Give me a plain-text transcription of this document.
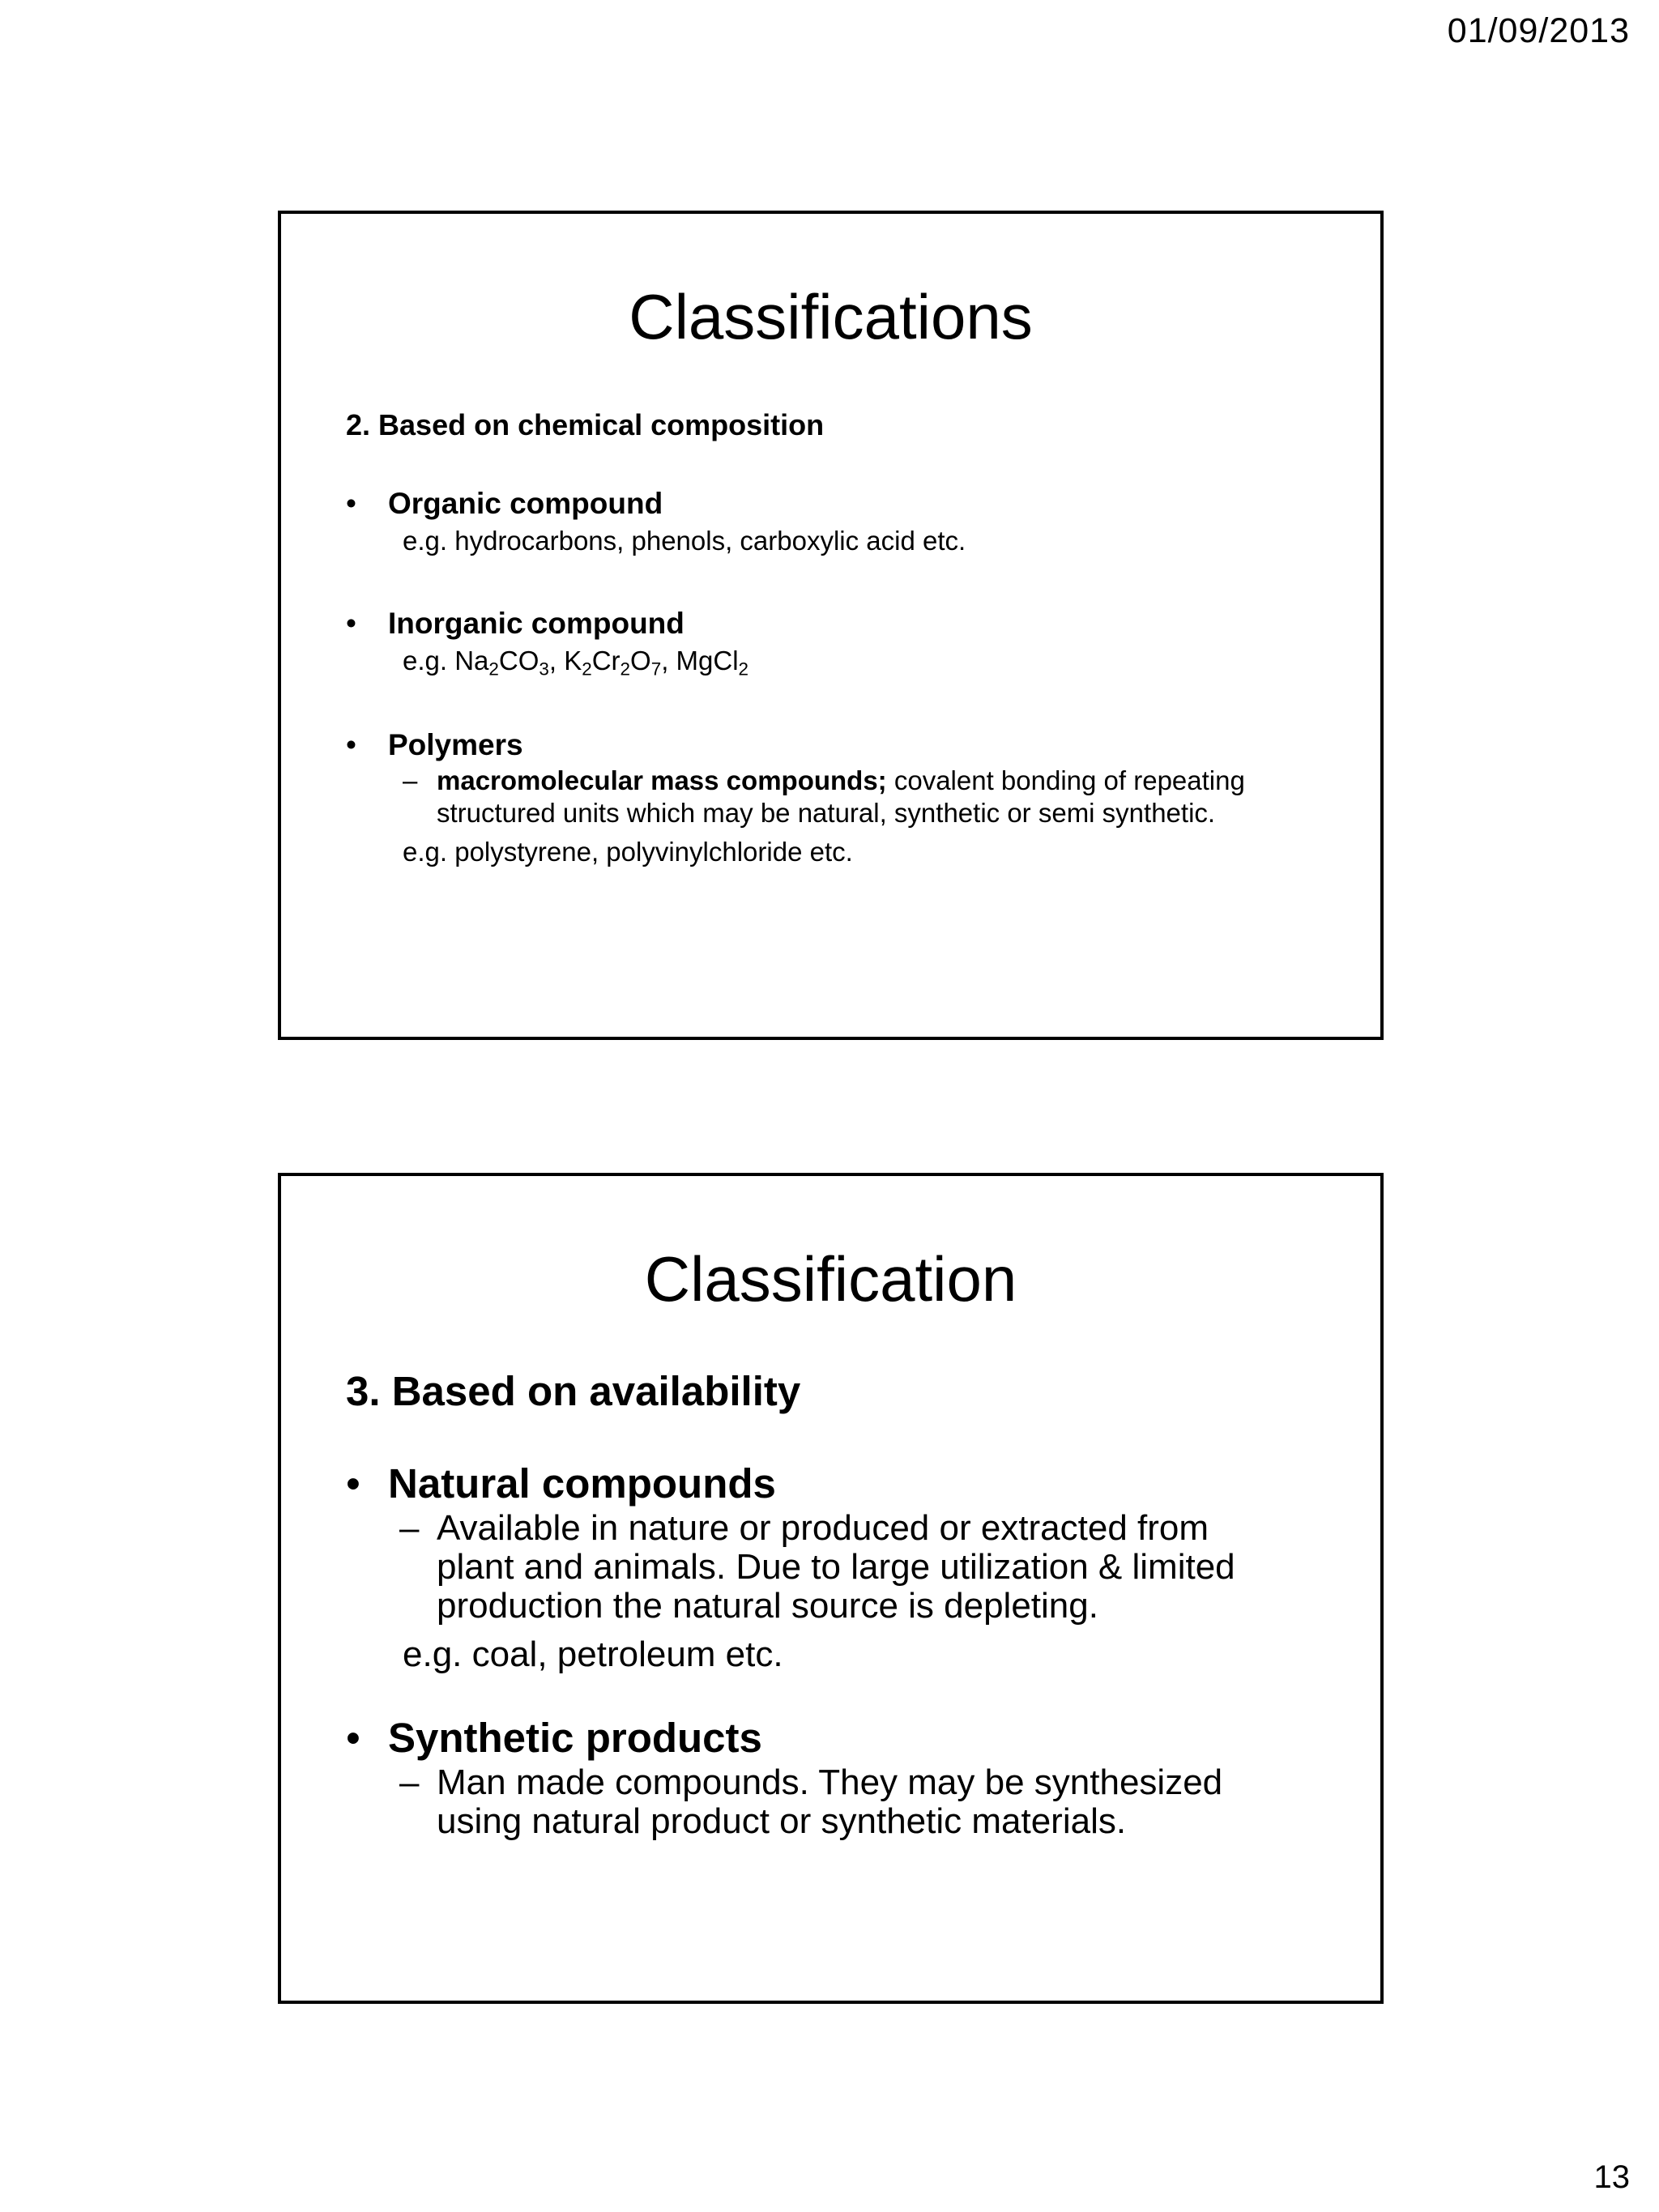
01/09/2013
Classifications

2. Based on chemical composition

• Organic compound

e.g. hydrocarbons, phenols, carboxylic acid etc.

• Inorganic compound

e.g. $Na_2CO_3$, $K_2Cr_2O_7$, MgCl$_2$

• Polymers

– macromolecular mass compounds; covalent bonding of repeating
structured units which may be natural, synthetic or semi synthetic.

e.g. polystyrene, polyvinylchloride etc.

Classification

3. Based on availability

• Natural compounds

– Available in nature or produced or extracted from
plant and animals. Due to large utilization & limited
production the natural source is depleting.

e.g. coal, petroleum etc.

• Synthetic products

– Man made compounds. They may be synthesized
using natural product or synthetic materials.

13
